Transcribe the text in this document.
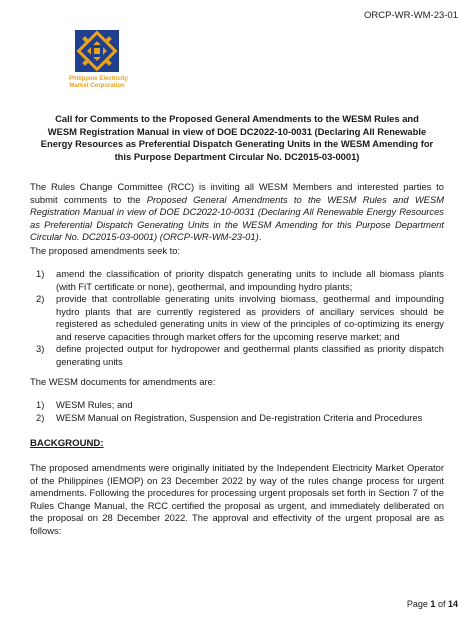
ORCP-WR-WM-23-01
Philippine Electricity
Market Corporation
Call for Comments to the Proposed General Amendments to the WESM Rules and WESM Registration Manual in view of DOE DC2022-10-0031 (Declaring All Renewable Energy Resources as Preferential Dispatch Generating Units in the WESM Amending for this Purpose Department Circular No. DC2015-03-0001)
The Rules Change Committee (RCC) is inviting all WESM Members and interested parties to submit comments to the Proposed General Amendments to the WESM Rules and WESM Registration Manual in view of DOE DC2022-10-0031 (Declaring All Renewable Energy Resources as Preferential Dispatch Generating Units in the WESM Amending for this Purpose Department Circular No. DC2015-03-0001) (ORCP-WR-WM-23-01).
The proposed amendments seek to:
1)	amend the classification of priority dispatch generating units to include all biomass plants (with FiT certificate or none), geothermal, and impounding hydro plants;
2)	provide that controllable generating units involving biomass, geothermal and impounding hydro plants that are currently registered as providers of ancillary services should be registered as scheduled generating units in view of the principles of co-optimizing its energy and reserve capacities through market offers for the upcoming reserve market; and
3)	define projected output for hydropower and geothermal plants classified as priority dispatch generating units
The WESM documents for amendments are:
1)	WESM Rules; and
2)	WESM Manual on Registration, Suspension and De-registration Criteria and Procedures
BACKGROUND:
The proposed amendments were originally initiated by the Independent Electricity Market Operator of the Philippines (IEMOP) on 23 December 2022 by way of the rules change process for urgent amendments. Following the procedures for processing urgent proposals set forth in Section 7 of the Rules Change Manual, the RCC certified the proposal as urgent, and immediately deliberated on the proposal on 28 December 2022. The approval and effectivity of the urgent proposal are as follows:
Page 1 of 14
